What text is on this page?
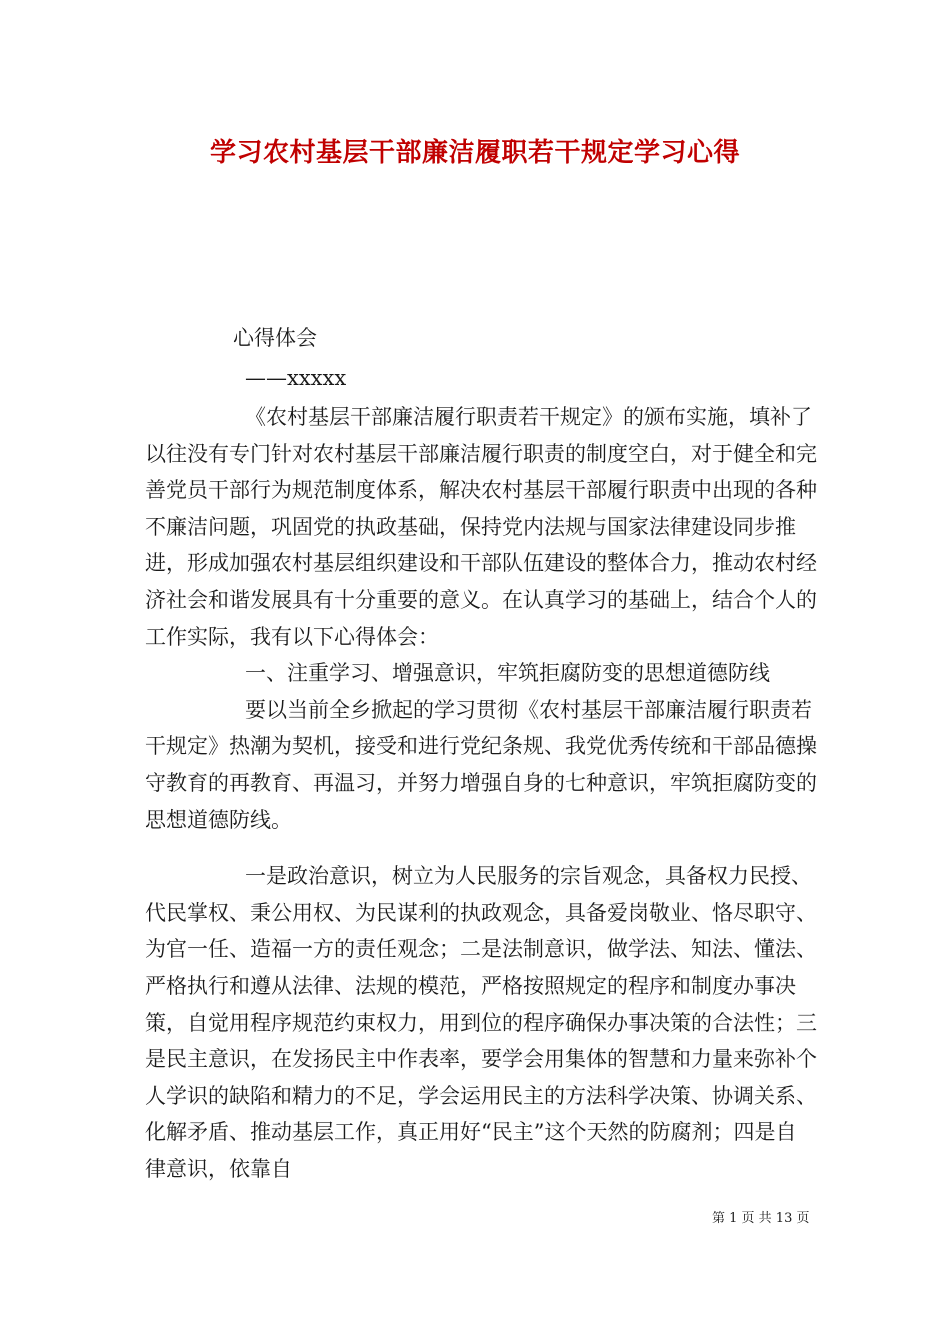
学习农村基层干部廉洁履职若干规定学习心得
心得体会
——xxxxx

《农村基层干部廉洁履行职责若干规定》的颁布实施，填补了以往没有专门针对农村基层干部廉洁履行职责的制度空白，对于健全和完善党员干部行为规范制度体系，解决农村基层干部履行职责中出现的各种不廉洁问题，巩固党的执政基础，保持党内法规与国家法律建设同步推进，形成加强农村基层组织建设和干部队伍建设的整体合力，推动农村经济社会和谐发展具有十分重要的意义。在认真学习的基础上，结合个人的工作实际，我有以下心得体会：

一、注重学习、增强意识，牢筑拒腐防变的思想道德防线

要以当前全乡掀起的学习贯彻《农村基层干部廉洁履行职责若干规定》热潮为契机，接受和进行党纪条规、我党优秀传统和干部品德操守教育的再教育、再温习，并努力增强自身的七种意识，牢筑拒腐防变的思想道德防线。

一是政治意识，树立为人民服务的宗旨观念，具备权力民授、代民掌权、秉公用权、为民谋利的执政观念，具备爱岗敬业、恪尽职守、为官一任、造福一方的责任观念；二是法制意识，做学法、知法、懂法、严格执行和遵从法律、法规的模范，严格按照规定的程序和制度办事决策，自觉用程序规范约束权力，用到位的程序确保办事决策的合法性；三是民主意识，在发扬民主中作表率，要学会用集体的智慧和力量来弥补个人学识的缺陷和精力的不足，学会运用民主的方法科学决策、协调关系、化解矛盾、推动基层工作，真正用好“民主”这个天然的防腐剂；四是自律意识，依靠自

第 1 页 共 13 页
